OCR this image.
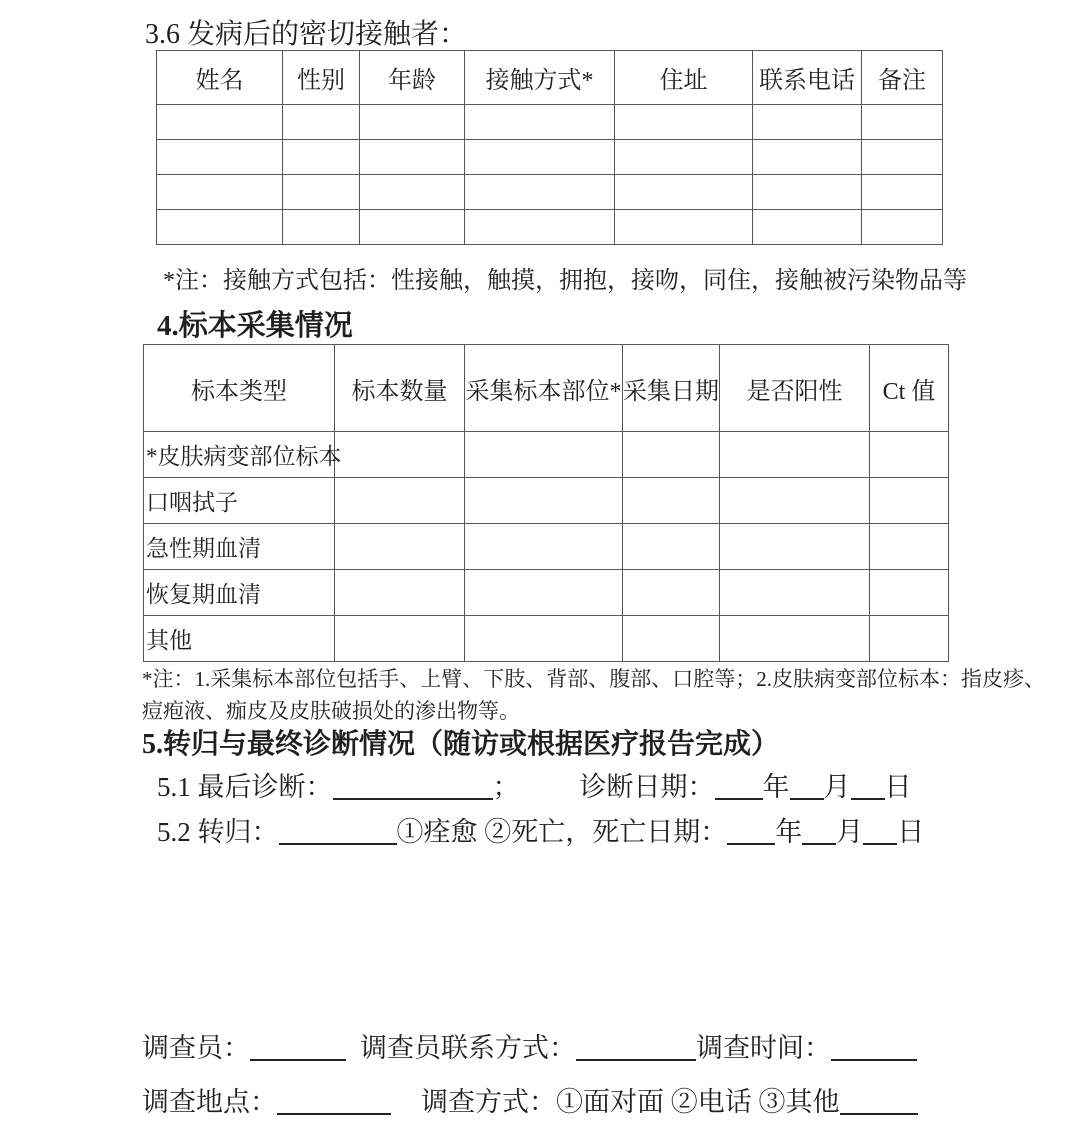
3.6 发病后的密切接触者：
姓名	性别	年龄	接触方式*	住址	联系电话	备注

*注：接触方式包括：性接触，触摸，拥抱，接吻，同住，接触被污染物品等
4.标本采集情况
标本类型	标本数量	采集标本部位*	采集日期	是否阳性	Ct 值
*皮肤病变部位标本					
口咽拭子					
急性期血清					
恢复期血清					
其他					
*注：1.采集标本部位包括手、上臂、下肢、背部、腹部、口腔等；2.皮肤病变部位标本：指皮疹、
痘疱液、痂皮及皮肤破损处的渗出物等。
5.转归与最终诊断情况（随访或根据医疗报告完成）
5.1 最后诊断：	； 诊断日期： 年 月 日
5.2 转归：	①痊愈 ②死亡，死亡日期： 年 月 日
调查员：	调查员联系方式：	调查时间：
调查地点：	调查方式：①面对面 ②电话 ③其他
